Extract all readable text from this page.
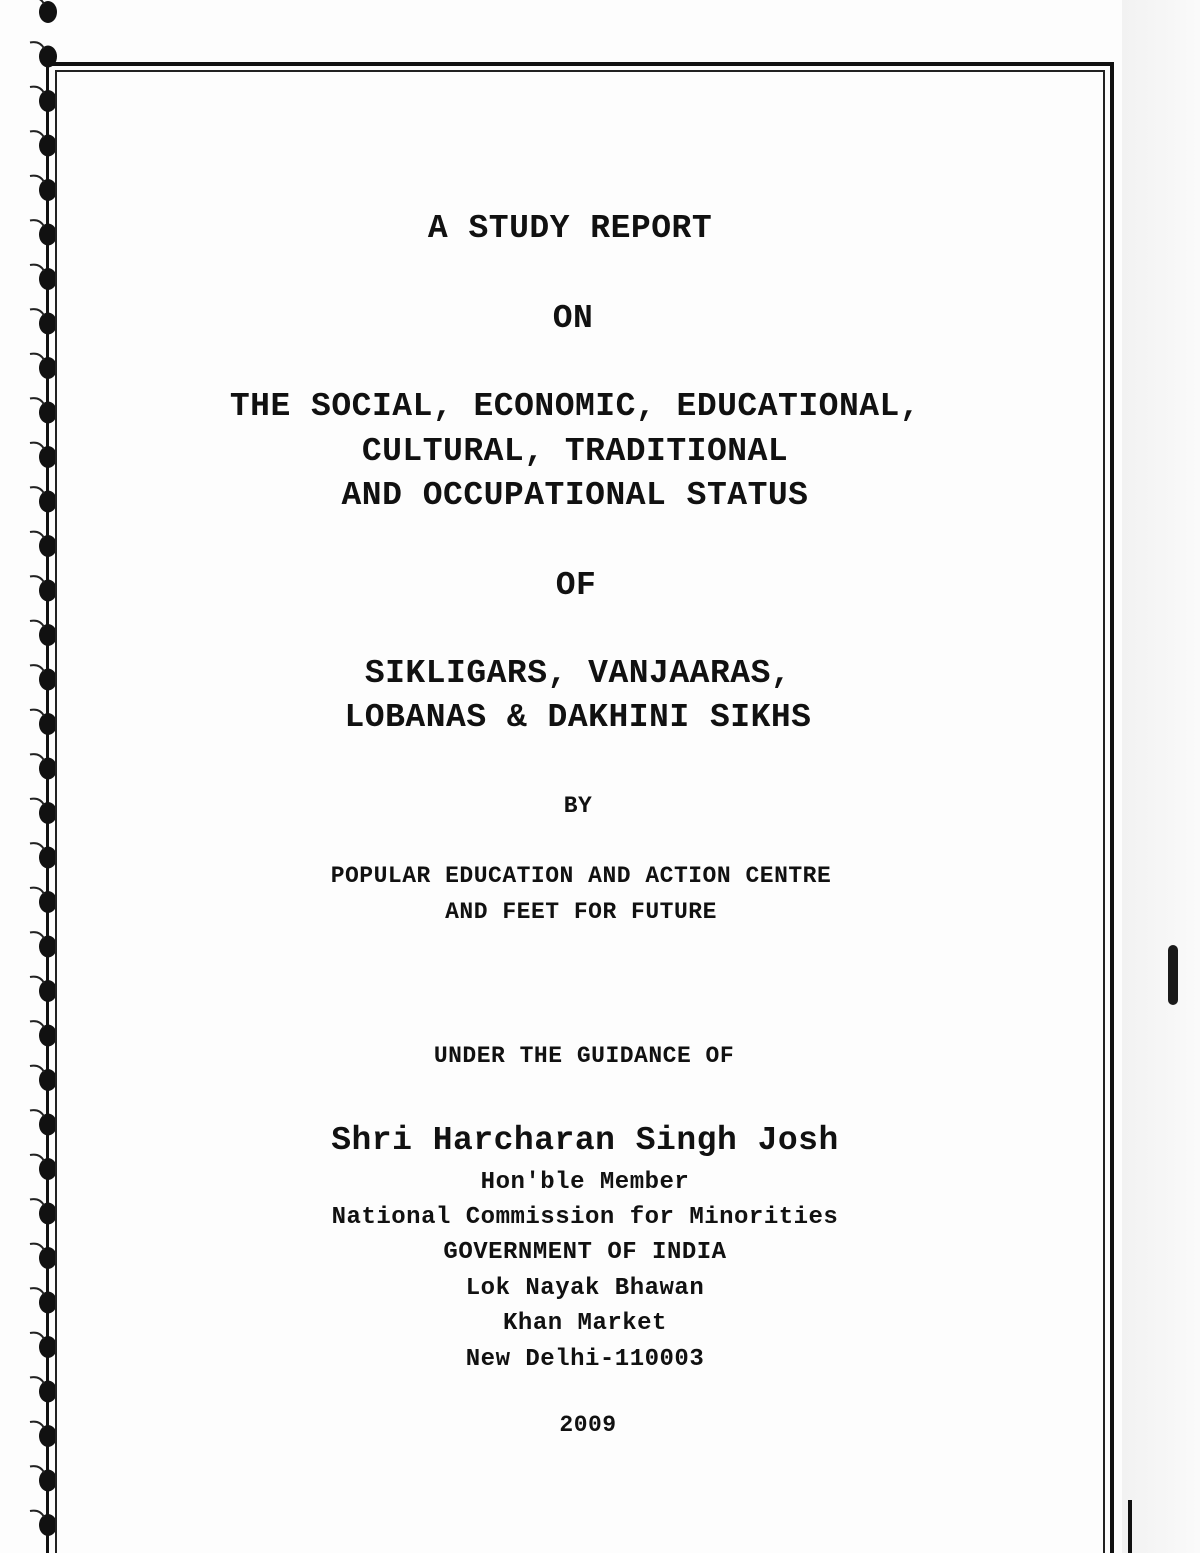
A STUDY REPORT
ON
THE SOCIAL, ECONOMIC, EDUCATIONAL,
CULTURAL, TRADITIONAL
AND OCCUPATIONAL STATUS
OF
SIKLIGARS, VANJAARAS,
LOBANAS & DAKHINI SIKHS
BY
POPULAR EDUCATION AND ACTION CENTRE
AND FEET FOR FUTURE
UNDER THE GUIDANCE OF
Shri Harcharan Singh Josh
Hon'ble Member
National Commission for Minorities
GOVERNMENT OF INDIA
Lok Nayak Bhawan
Khan Market
New Delhi-110003
2009
